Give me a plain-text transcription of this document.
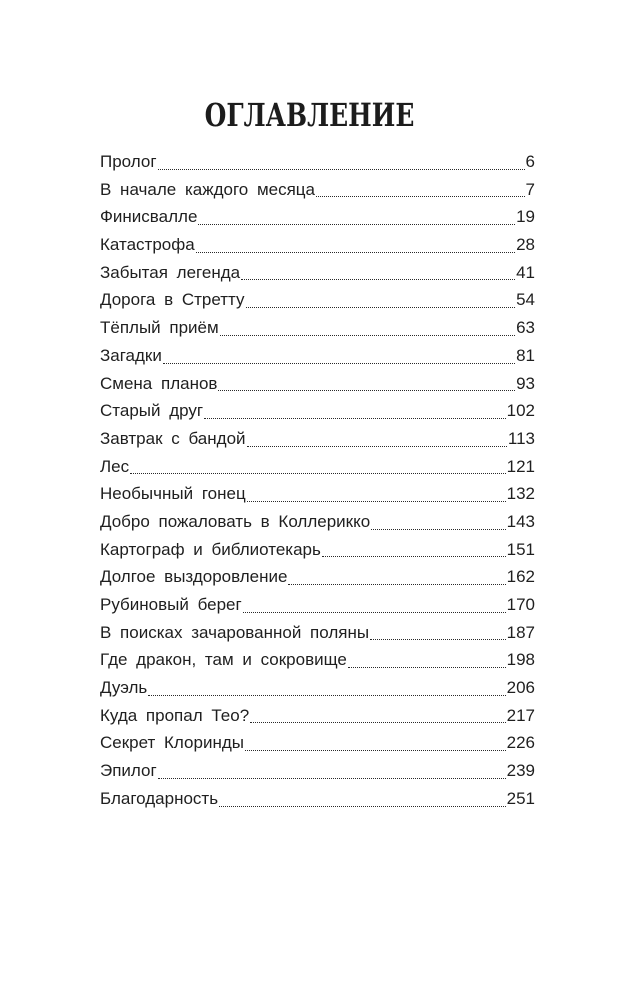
ОГЛАВЛЕНИЕ
Пролог	6
В начале каждого месяца	7
Финисвалле	19
Катастрофа	28
Забытая легенда	41
Дорога в Стретту	54
Тёплый приём	63
Загадки	81
Смена планов	93
Старый друг	102
Завтрак с бандой	113
Лес	121
Необычный гонец	132
Добро пожаловать в Коллерикко	143
Картограф и библиотекарь	151
Долгое выздоровление	162
Рубиновый берег	170
В поисках зачарованной поляны	187
Где дракон, там и сокровище	198
Дуэль	206
Куда пропал Тео?	217
Секрет Клоринды	226
Эпилог	239
Благодарность	251
